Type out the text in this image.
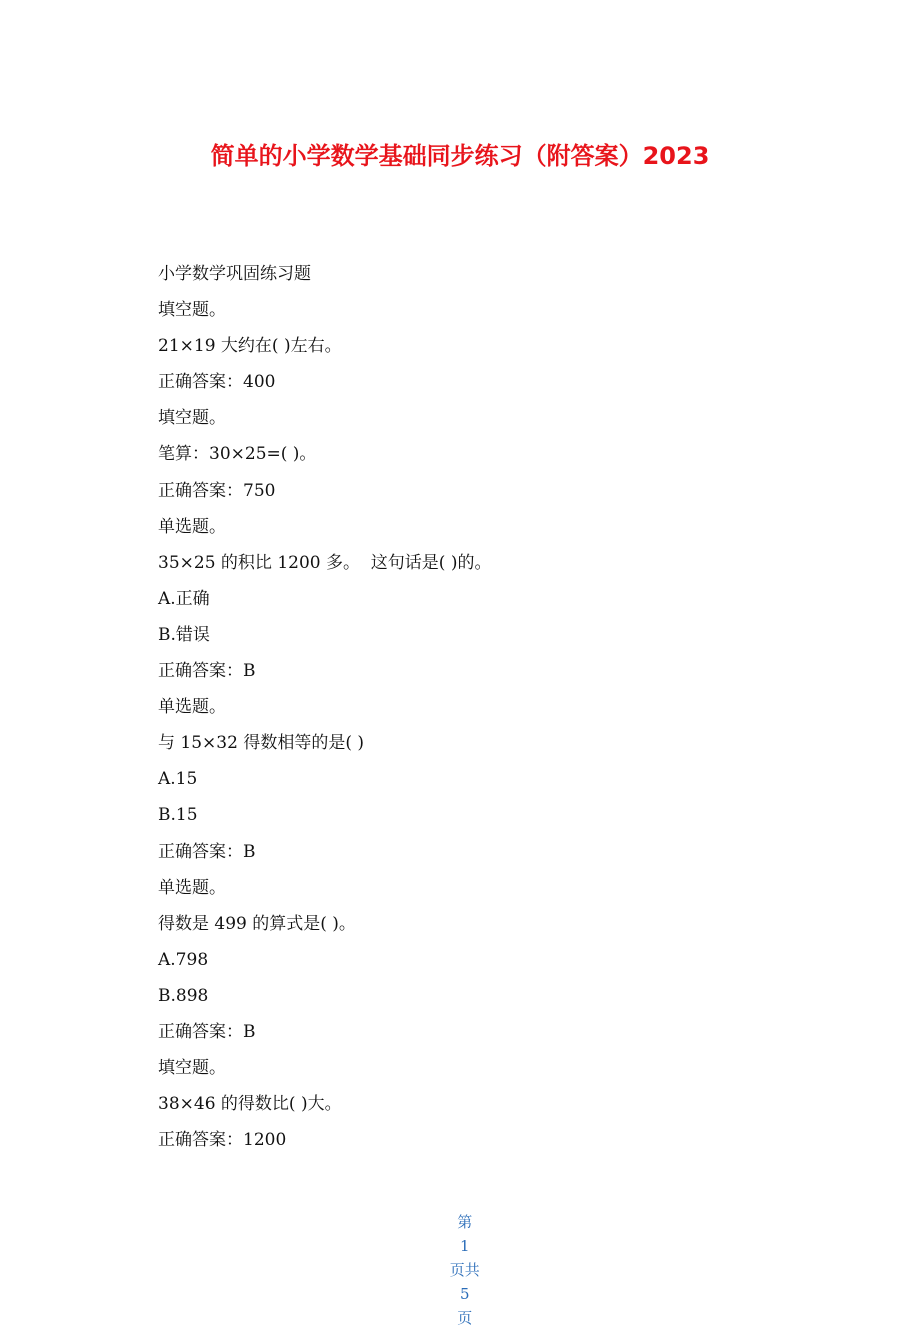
简单的小学数学基础同步练习（附答案）2023
小学数学巩固练习题
填空题。
21×19 大约在( )左右。
正确答案：400
填空题。
笔算：30×25=( )。
正确答案：750
单选题。
35×25 的积比 1200 多。  这句话是( )的。
A.正确
B.错误
正确答案：B
单选题。
与 15×32 得数相等的是( )
A.15
B.15
正确答案：B
单选题。
得数是 499 的算式是( )。
A.798
B.898
正确答案：B
填空题。
38×46 的得数比( )大。
正确答案：1200

第
1
页共
5
页
